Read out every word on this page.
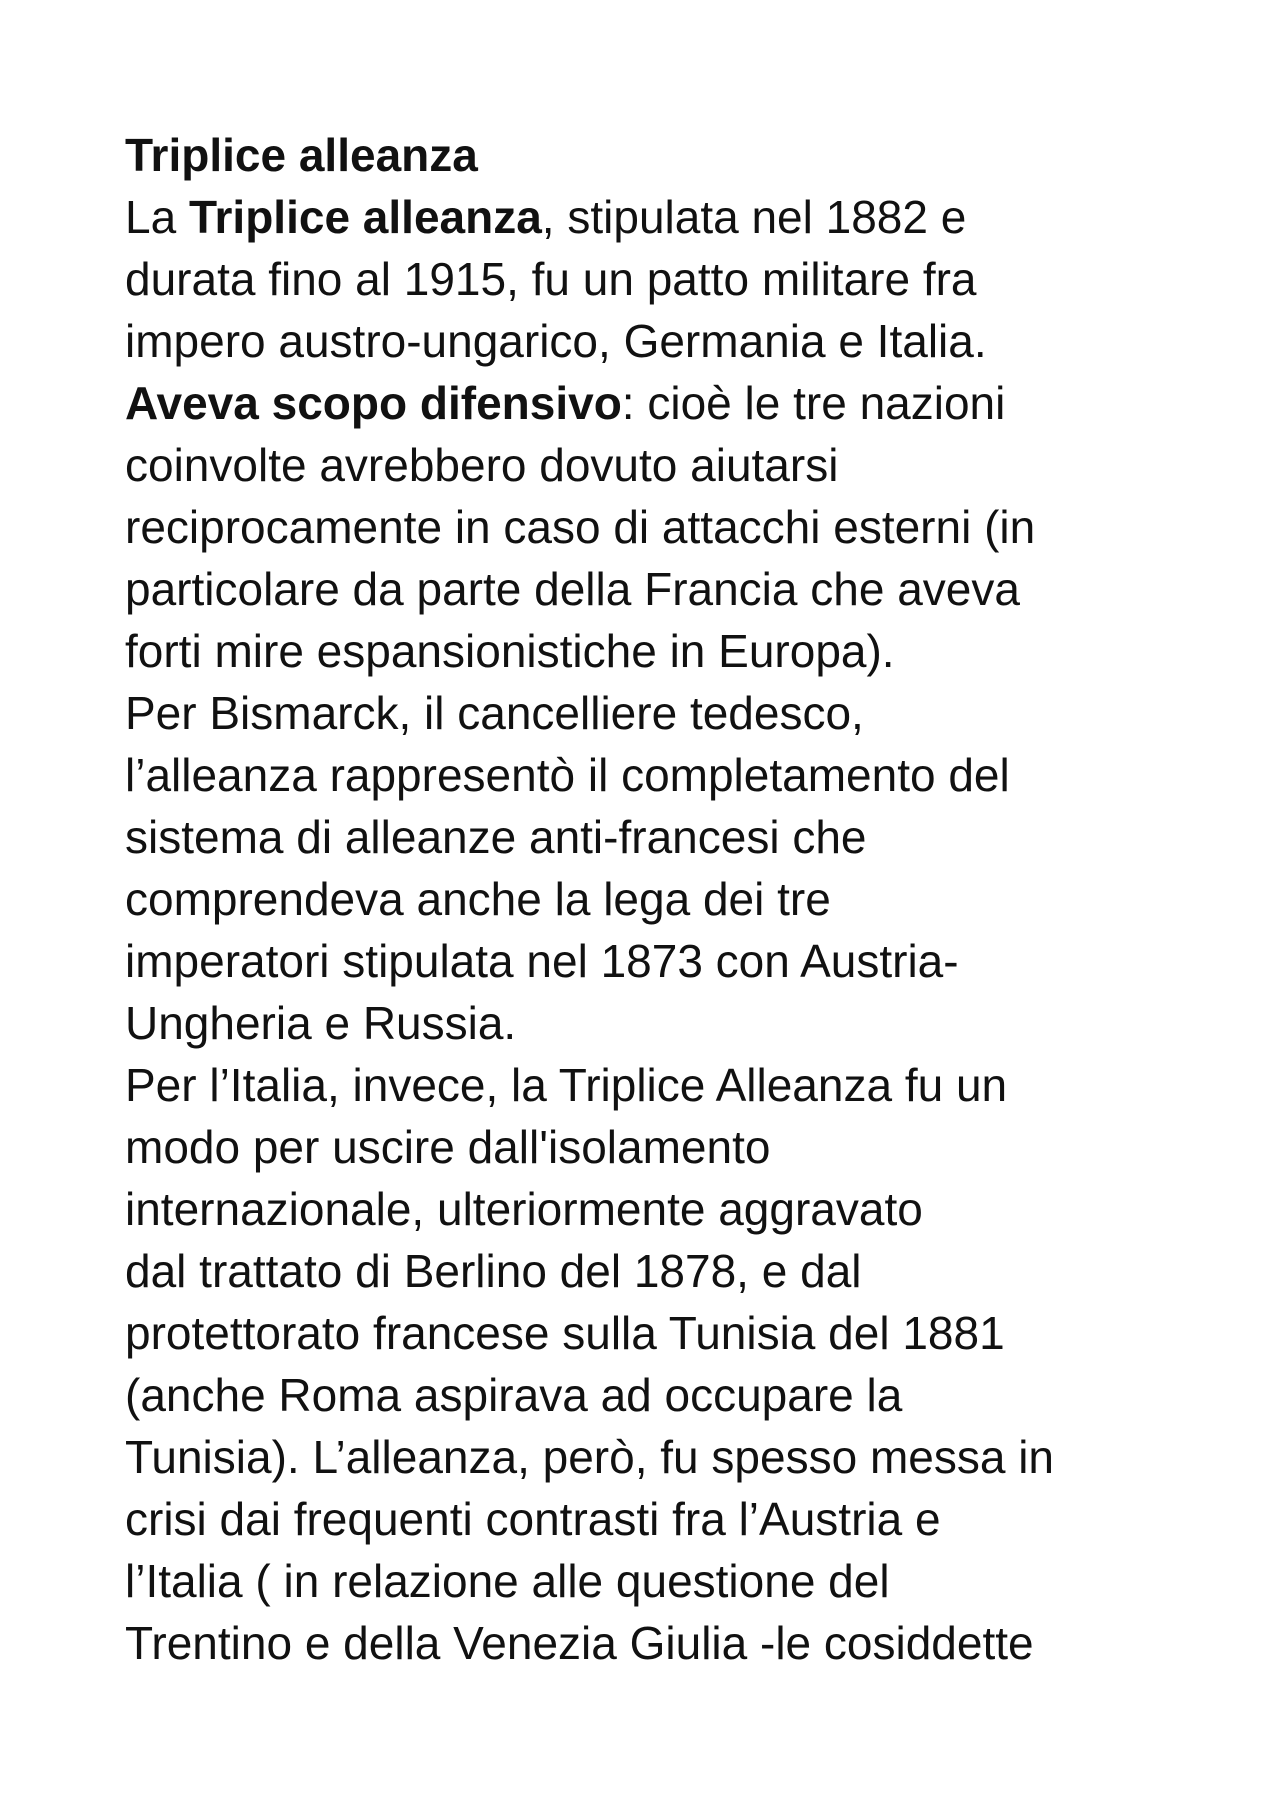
Triplice alleanza
La Triplice alleanza, stipulata nel 1882 e
durata fino al 1915, fu un patto militare fra
impero austro-ungarico, Germania e Italia.
Aveva scopo difensivo: cioè le tre nazioni
coinvolte avrebbero dovuto aiutarsi
reciprocamente in caso di attacchi esterni (in
particolare da parte della Francia che aveva
forti mire espansionistiche in Europa).
Per Bismarck, il cancelliere tedesco,
l’alleanza rappresentò il completamento del
sistema di alleanze anti-francesi che
comprendeva anche la lega dei tre
imperatori stipulata nel 1873 con Austria-
Ungheria e Russia.
Per l’Italia, invece, la Triplice Alleanza fu un
modo per uscire dall'isolamento
internazionale, ulteriormente aggravato
dal trattato di Berlino del 1878, e dal
protettorato francese sulla Tunisia del 1881
(anche Roma aspirava ad occupare la
Tunisia). L’alleanza, però, fu spesso messa in
crisi dai frequenti contrasti fra l’Austria e
l’Italia ( in relazione alle questione del
Trentino e della Venezia Giulia -le cosiddette
